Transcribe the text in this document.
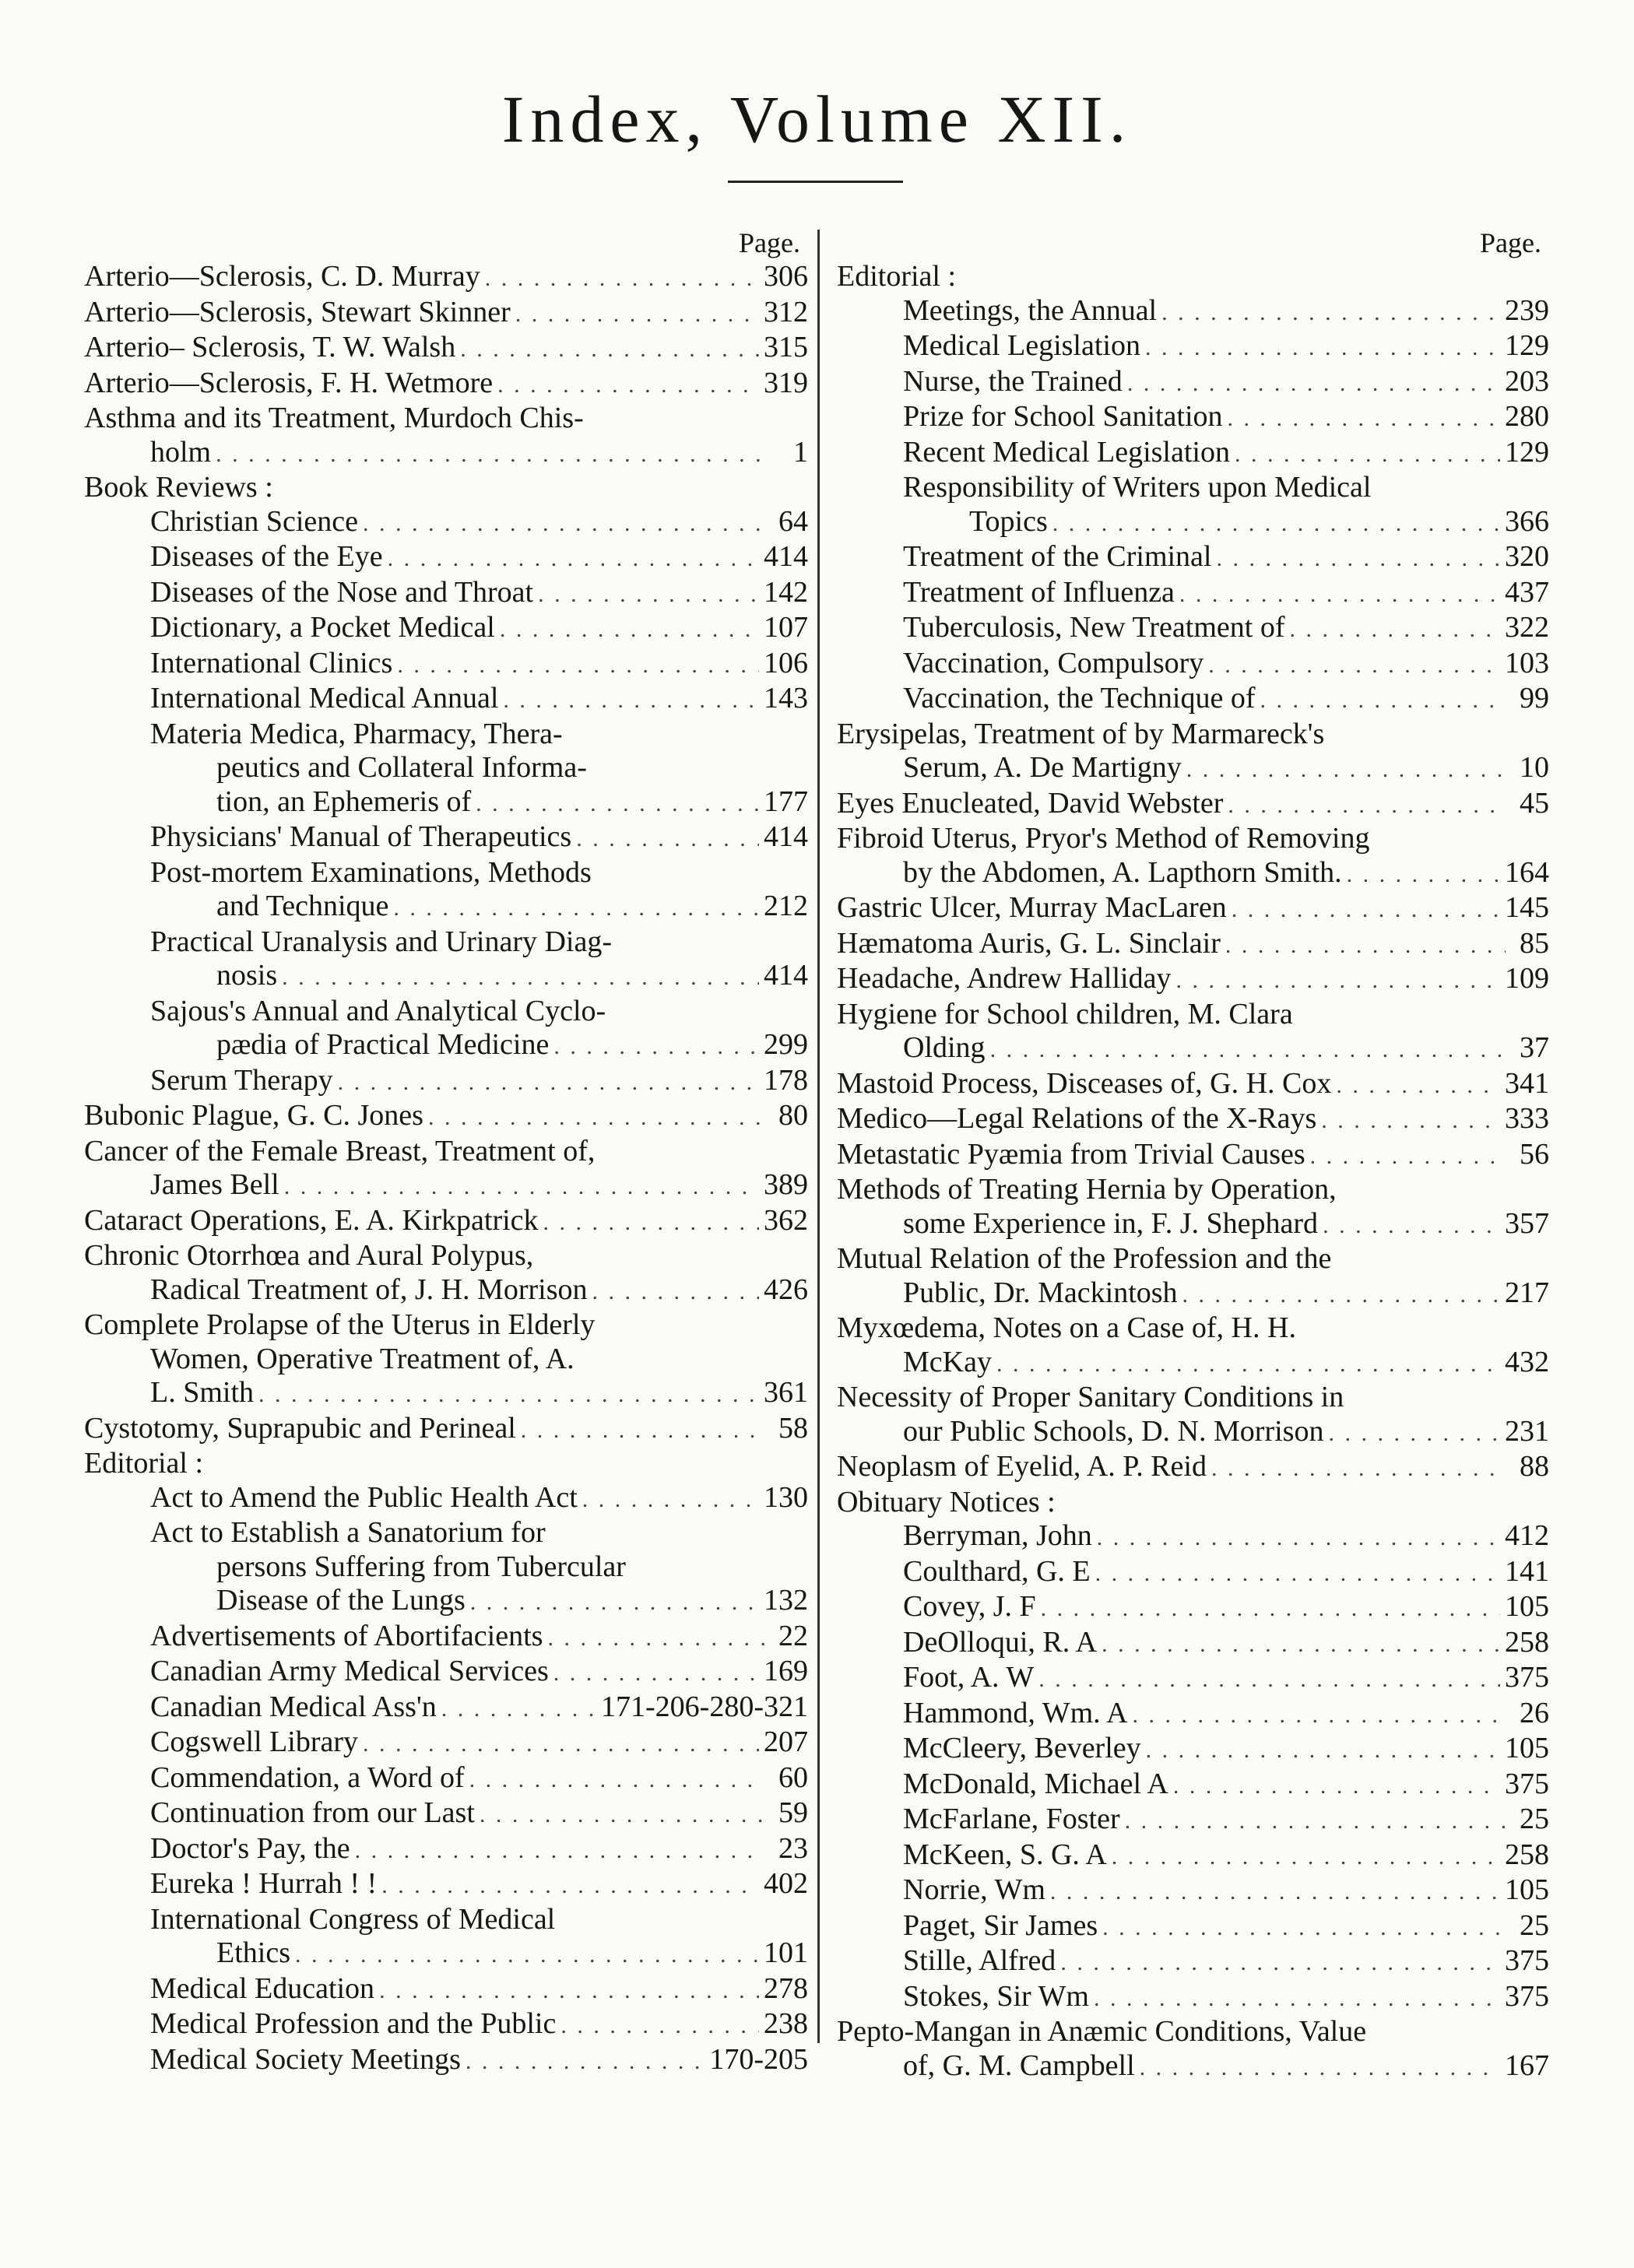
Index, Volume XII.
Page.
Arterio—Sclerosis, C. D. Murray . . .	306
Arterio—Sclerosis, Stewart Skinner . . .	312
Arterio– Sclerosis, T. W. Walsh . . .	315
Arterio—Sclerosis, F. H. Wetmore . . .	319
Asthma and its Treatment, Murdoch Chis-
holm . . .	1
Book Reviews :
Christian Science . . .	64
Diseases of the Eye . . .	414
Diseases of the Nose and Throat . . .	142
Dictionary, a Pocket Medical . . .	107
International Clinics . . .	106
International Medical Annual . . .	143
Materia Medica, Pharmacy, Thera-
peutics and Collateral Informa-
tion, an Ephemeris of . . .	177
Physicians' Manual of Therapeutics . . .	414
Post-mortem Examinations, Methods
and Technique . . .	212
Practical Uranalysis and Urinary Diag-
nosis . . .	414
Sajous's Annual and Analytical Cyclo-
pædia of Practical Medicine . . .	299
Serum Therapy . . .	178
Bubonic Plague, G. C. Jones . . .	80
Cancer of the Female Breast, Treatment of,
James Bell . . .	389
Cataract Operations, E. A. Kirkpatrick . . .	362
Chronic Otorrhœa and Aural Polypus,
Radical Treatment of, J. H. Morrison . . .	426
Complete Prolapse of the Uterus in Elderly
Women, Operative Treatment of, A.
L. Smith . . .	361
Cystotomy, Suprapubic and Perineal . . .	58
Editorial :
Act to Amend the Public Health Act . . .	130
Act to Establish a Sanatorium for
persons Suffering from Tubercular
Disease of the Lungs . . .	132
Advertisements of Abortifacients . . .	22
Canadian Army Medical Services . . .	169
Canadian Medical Ass'n . . .	171-206-280-321
Cogswell Library . . .	207
Commendation, a Word of . . .	60
Continuation from our Last . . .	59
Doctor's Pay, the . . .	23
Eureka ! Hurrah ! ! . . .	402
International Congress of Medical
Ethics . . .	101
Medical Education . . .	278
Medical Profession and the Public . . .	238
Medical Society Meetings . . .	170-205
Page.
Editorial :
Meetings, the Annual . . .	239
Medical Legislation . . .	129
Nurse, the Trained . . .	203
Prize for School Sanitation . . .	280
Recent Medical Legislation . . .	129
Responsibility of Writers upon Medical
Topics . . .	366
Treatment of the Criminal . . .	320
Treatment of Influenza . . .	437
Tuberculosis, New Treatment of . . .	322
Vaccination, Compulsory . . .	103
Vaccination, the Technique of . . .	99
Erysipelas, Treatment of by Marmareck's
Serum, A. De Martigny . . .	10
Eyes Enucleated, David Webster . . .	45
Fibroid Uterus, Pryor's Method of Removing
by the Abdomen, A. Lapthorn Smith. . . .	164
Gastric Ulcer, Murray MacLaren . . .	145
Hæmatoma Auris, G. L. Sinclair . . .	85
Headache, Andrew Halliday . . .	109
Hygiene for School children, M. Clara
Olding . . .	37
Mastoid Process, Disceases of, G. H. Cox . . .	341
Medico—Legal Relations of the X-Rays . . .	333
Metastatic Pyæmia from Trivial Causes . . .	56
Methods of Treating Hernia by Operation,
some Experience in, F. J. Shephard . . .	357
Mutual Relation of the Profession and the
Public, Dr. Mackintosh . . .	217
Myxœdema, Notes on a Case of, H. H.
McKay . . .	432
Necessity of Proper Sanitary Conditions in
our Public Schools, D. N. Morrison . . .	231
Neoplasm of Eyelid, A. P. Reid . . .	88
Obituary Notices :
Berryman, John . . .	412
Coulthard, G. E . . .	141
Covey, J. F . . .	105
DeOlloqui, R. A . . .	258
Foot, A. W . . .	375
Hammond, Wm. A . . .	26
McCleery, Beverley . . .	105
McDonald, Michael A . . .	375
McFarlane, Foster . . .	25
McKeen, S. G. A . . .	258
Norrie, Wm . . .	105
Paget, Sir James . . .	25
Stille, Alfred . . .	375
Stokes, Sir Wm . . .	375
Pepto-Mangan in Anæmic Conditions, Value
of, G. M. Campbell . . .	167
